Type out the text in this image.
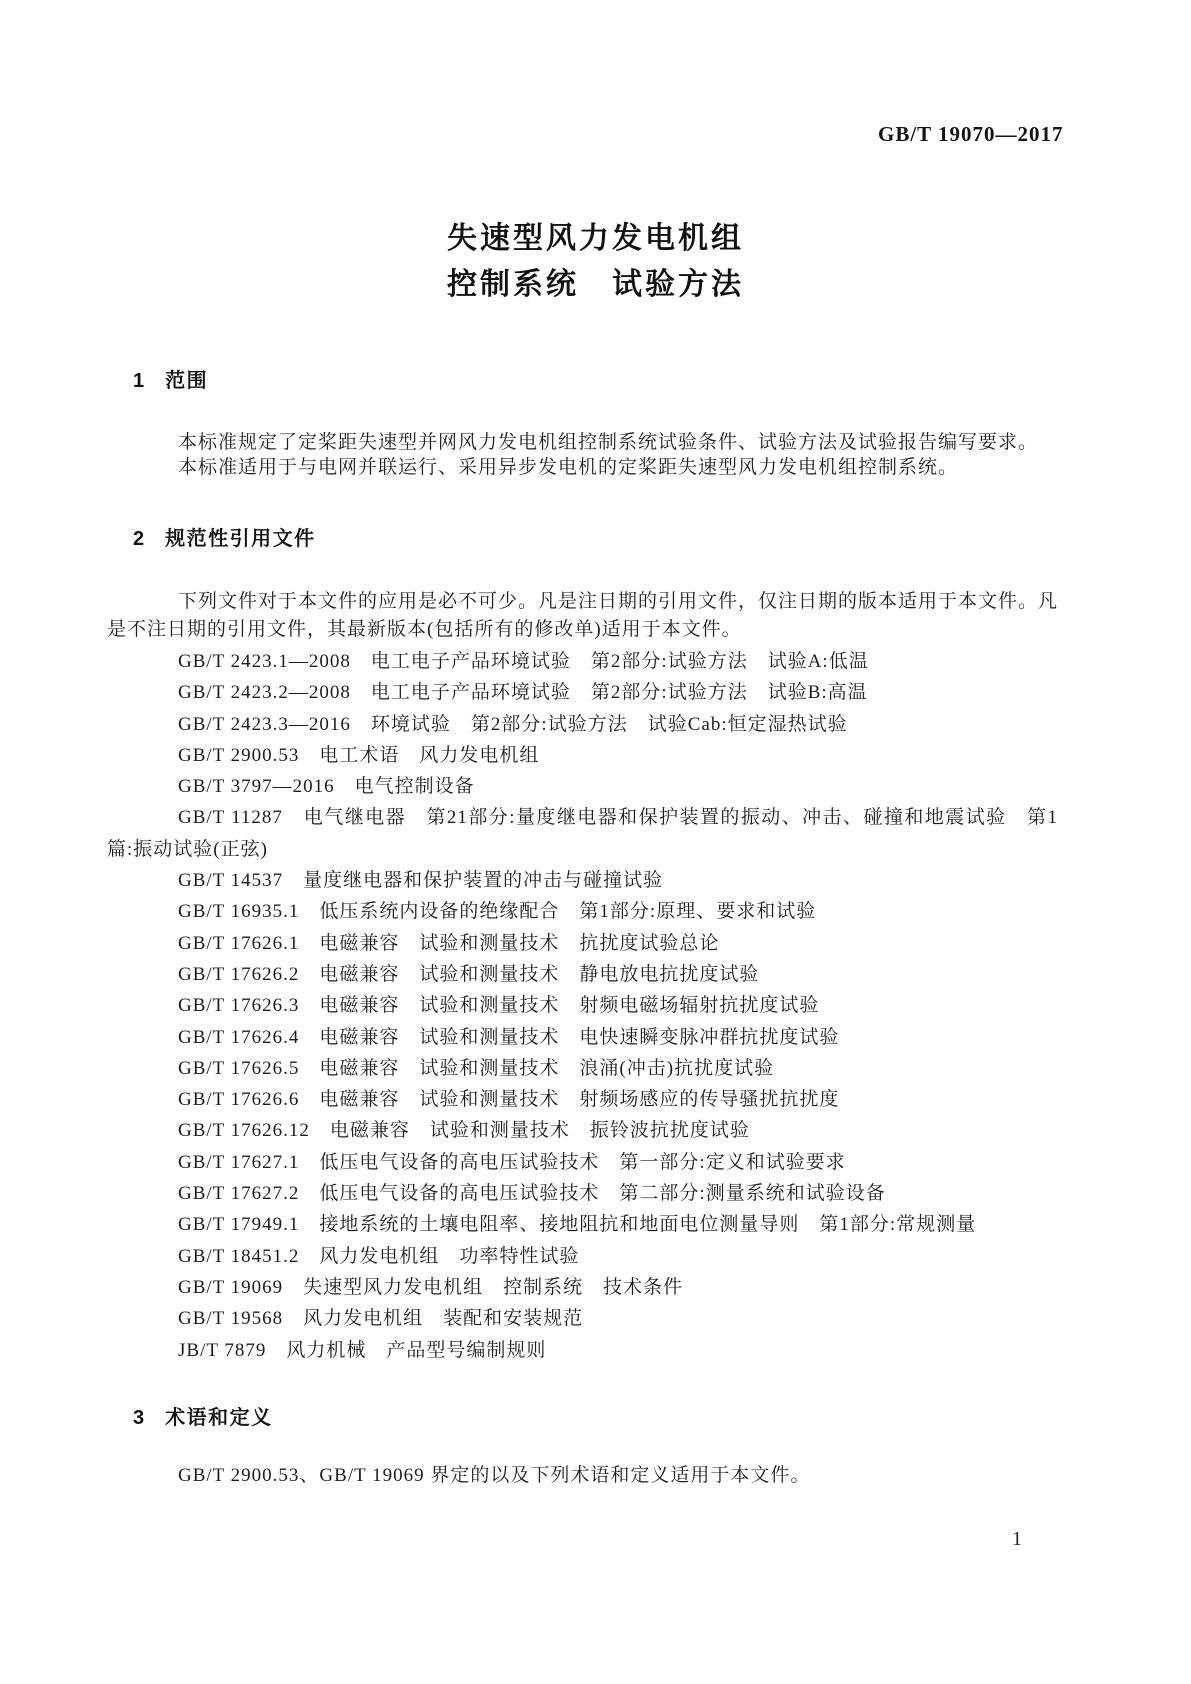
GB/T 19070—2017
失速型风力发电机组
控制系统　试验方法
1 范围

本标准规定了定桨距失速型并网风力发电机组控制系统试验条件、试验方法及试验报告编写要求。

本标准适用于与电网并联运行、采用异步发电机的定桨距失速型风力发电机组控制系统。

2 规范性引用文件

下列文件对于本文件的应用是必不可少。凡是注日期的引用文件，仅注日期的版本适用于本文件。凡是不注日期的引用文件，其最新版本(包括所有的修改单)适用于本文件。

GB/T 2423.1—2008　电工电子产品环境试验　第2部分:试验方法　试验A:低温

GB/T 2423.2—2008　电工电子产品环境试验　第2部分:试验方法　试验B:高温

GB/T 2423.3—2016　环境试验　第2部分:试验方法　试验Cab:恒定湿热试验

GB/T 2900.53　电工术语　风力发电机组

GB/T 3797—2016　电气控制设备

GB/T 11287　电气继电器　第21部分:量度继电器和保护装置的振动、冲击、碰撞和地震试验　第1篇:振动试验(正弦)

GB/T 14537　量度继电器和保护装置的冲击与碰撞试验

GB/T 16935.1　低压系统内设备的绝缘配合　第1部分:原理、要求和试验

GB/T 17626.1　电磁兼容　试验和测量技术　抗扰度试验总论

GB/T 17626.2　电磁兼容　试验和测量技术　静电放电抗扰度试验

GB/T 17626.3　电磁兼容　试验和测量技术　射频电磁场辐射抗扰度试验

GB/T 17626.4　电磁兼容　试验和测量技术　电快速瞬变脉冲群抗扰度试验

GB/T 17626.5　电磁兼容　试验和测量技术　浪涌(冲击)抗扰度试验

GB/T 17626.6　电磁兼容　试验和测量技术　射频场感应的传导骚扰抗扰度

GB/T 17626.12　电磁兼容　试验和测量技术　振铃波抗扰度试验

GB/T 17627.1　低压电气设备的高电压试验技术　第一部分:定义和试验要求

GB/T 17627.2　低压电气设备的高电压试验技术　第二部分:测量系统和试验设备

GB/T 17949.1　接地系统的土壤电阻率、接地阻抗和地面电位测量导则　第1部分:常规测量

GB/T 18451.2　风力发电机组　功率特性试验

GB/T 19069　失速型风力发电机组　控制系统　技术条件

GB/T 19568　风力发电机组　装配和安装规范

JB/T 7879　风力机械　产品型号编制规则

3 术语和定义

GB/T 2900.53、GB/T 19069 界定的以及下列术语和定义适用于本文件。

1
